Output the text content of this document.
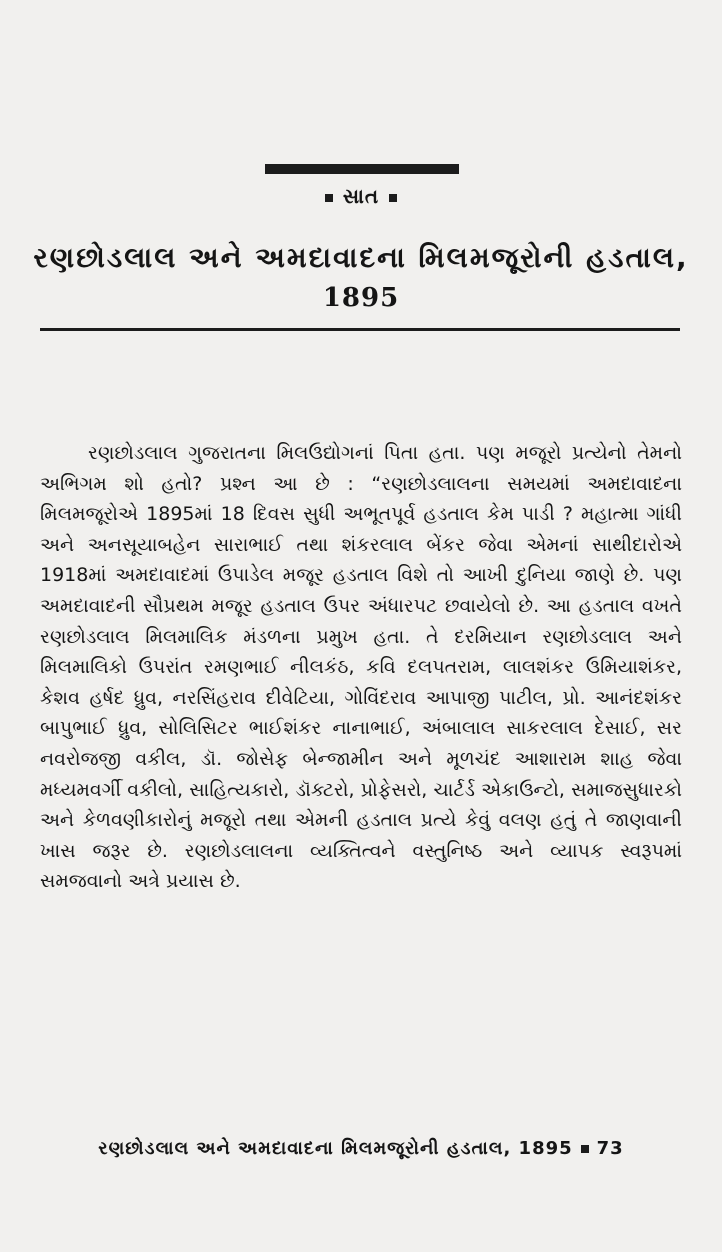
સાત
રણછોડલાલ અને અમદાવાદના મિલમજૂરોની હડતાલ,
1895

રણછોડલાલ ગુજરાતના મિલઉદ્યોગનાં પિતા હતા. પણ મજૂરો પ્રત્યેનો તેમનો અભિગમ શો હતો? પ્રશ્ન આ છે : “રણછોડલાલના સમયમાં અમદાવાદના મિલમજૂરોએ 1895માં 18 દિવસ સુધી અભૂતપૂર્વ હડતાલ કેમ પાડી ? મહાત્મા ગાંધી અને અનસૂયાબહેન સારાભાઈ તથા શંકરલાલ બેંકર જેવા એમનાં સાથીદારોએ 1918માં અમદાવાદમાં ઉપાડેલ મજૂર હડતાલ વિશે તો આખી દુનિયા જાણે છે. પણ અમદાવાદની સૌપ્રથમ મજૂર હડતાલ ઉપર અંધારપટ છવાયેલો છે. આ હડતાલ વખતે રણછોડલાલ મિલમાલિક મંડળના પ્રમુખ હતા. તે દરમિયાન રણછોડલાલ અને મિલમાલિકો ઉપરાંત રમણભાઈ નીલકંઠ, કવિ દલપતરામ, લાલશંકર ઉમિયાશંકર, કેશવ હર્ષદ ધ્રુવ, નરસિંહરાવ દીવેટિયા, ગોવિંદરાવ આપાજી પાટીલ, પ્રો. આનંદશંકર બાપુભાઈ ધ્રુવ, સોલિસિટર ભાઈશંકર નાનાભાઈ, અંબાલાલ સાકરલાલ દેસાઈ, સર નવરોજજી વકીલ, ડૉ. જોસેફ બેન્જામીન અને મૂળચંદ આશારામ શાહ જેવા મધ્યમવર્ગી વકીલો, સાહિત્યકારો, ડૉક્ટરો, પ્રોફેસરો, ચાર્ટર્ડ એકાઉન્ટો, સમાજસુધારકો અને કેળવણીકારોનું મજૂરો તથા એમની હડતાલ પ્રત્યે કેવું વલણ હતું તે જાણવાની ખાસ જરૂર છે. રણછોડલાલના વ્યક્તિત્વને વસ્તુનિષ્ઠ અને વ્યાપક સ્વરૂપમાં સમજવાનો અત્રે પ્રયાસ છે.

રણછોડલાલ અને અમદાવાદના મિલમજૂરોની હડતાલ, 1895 73
